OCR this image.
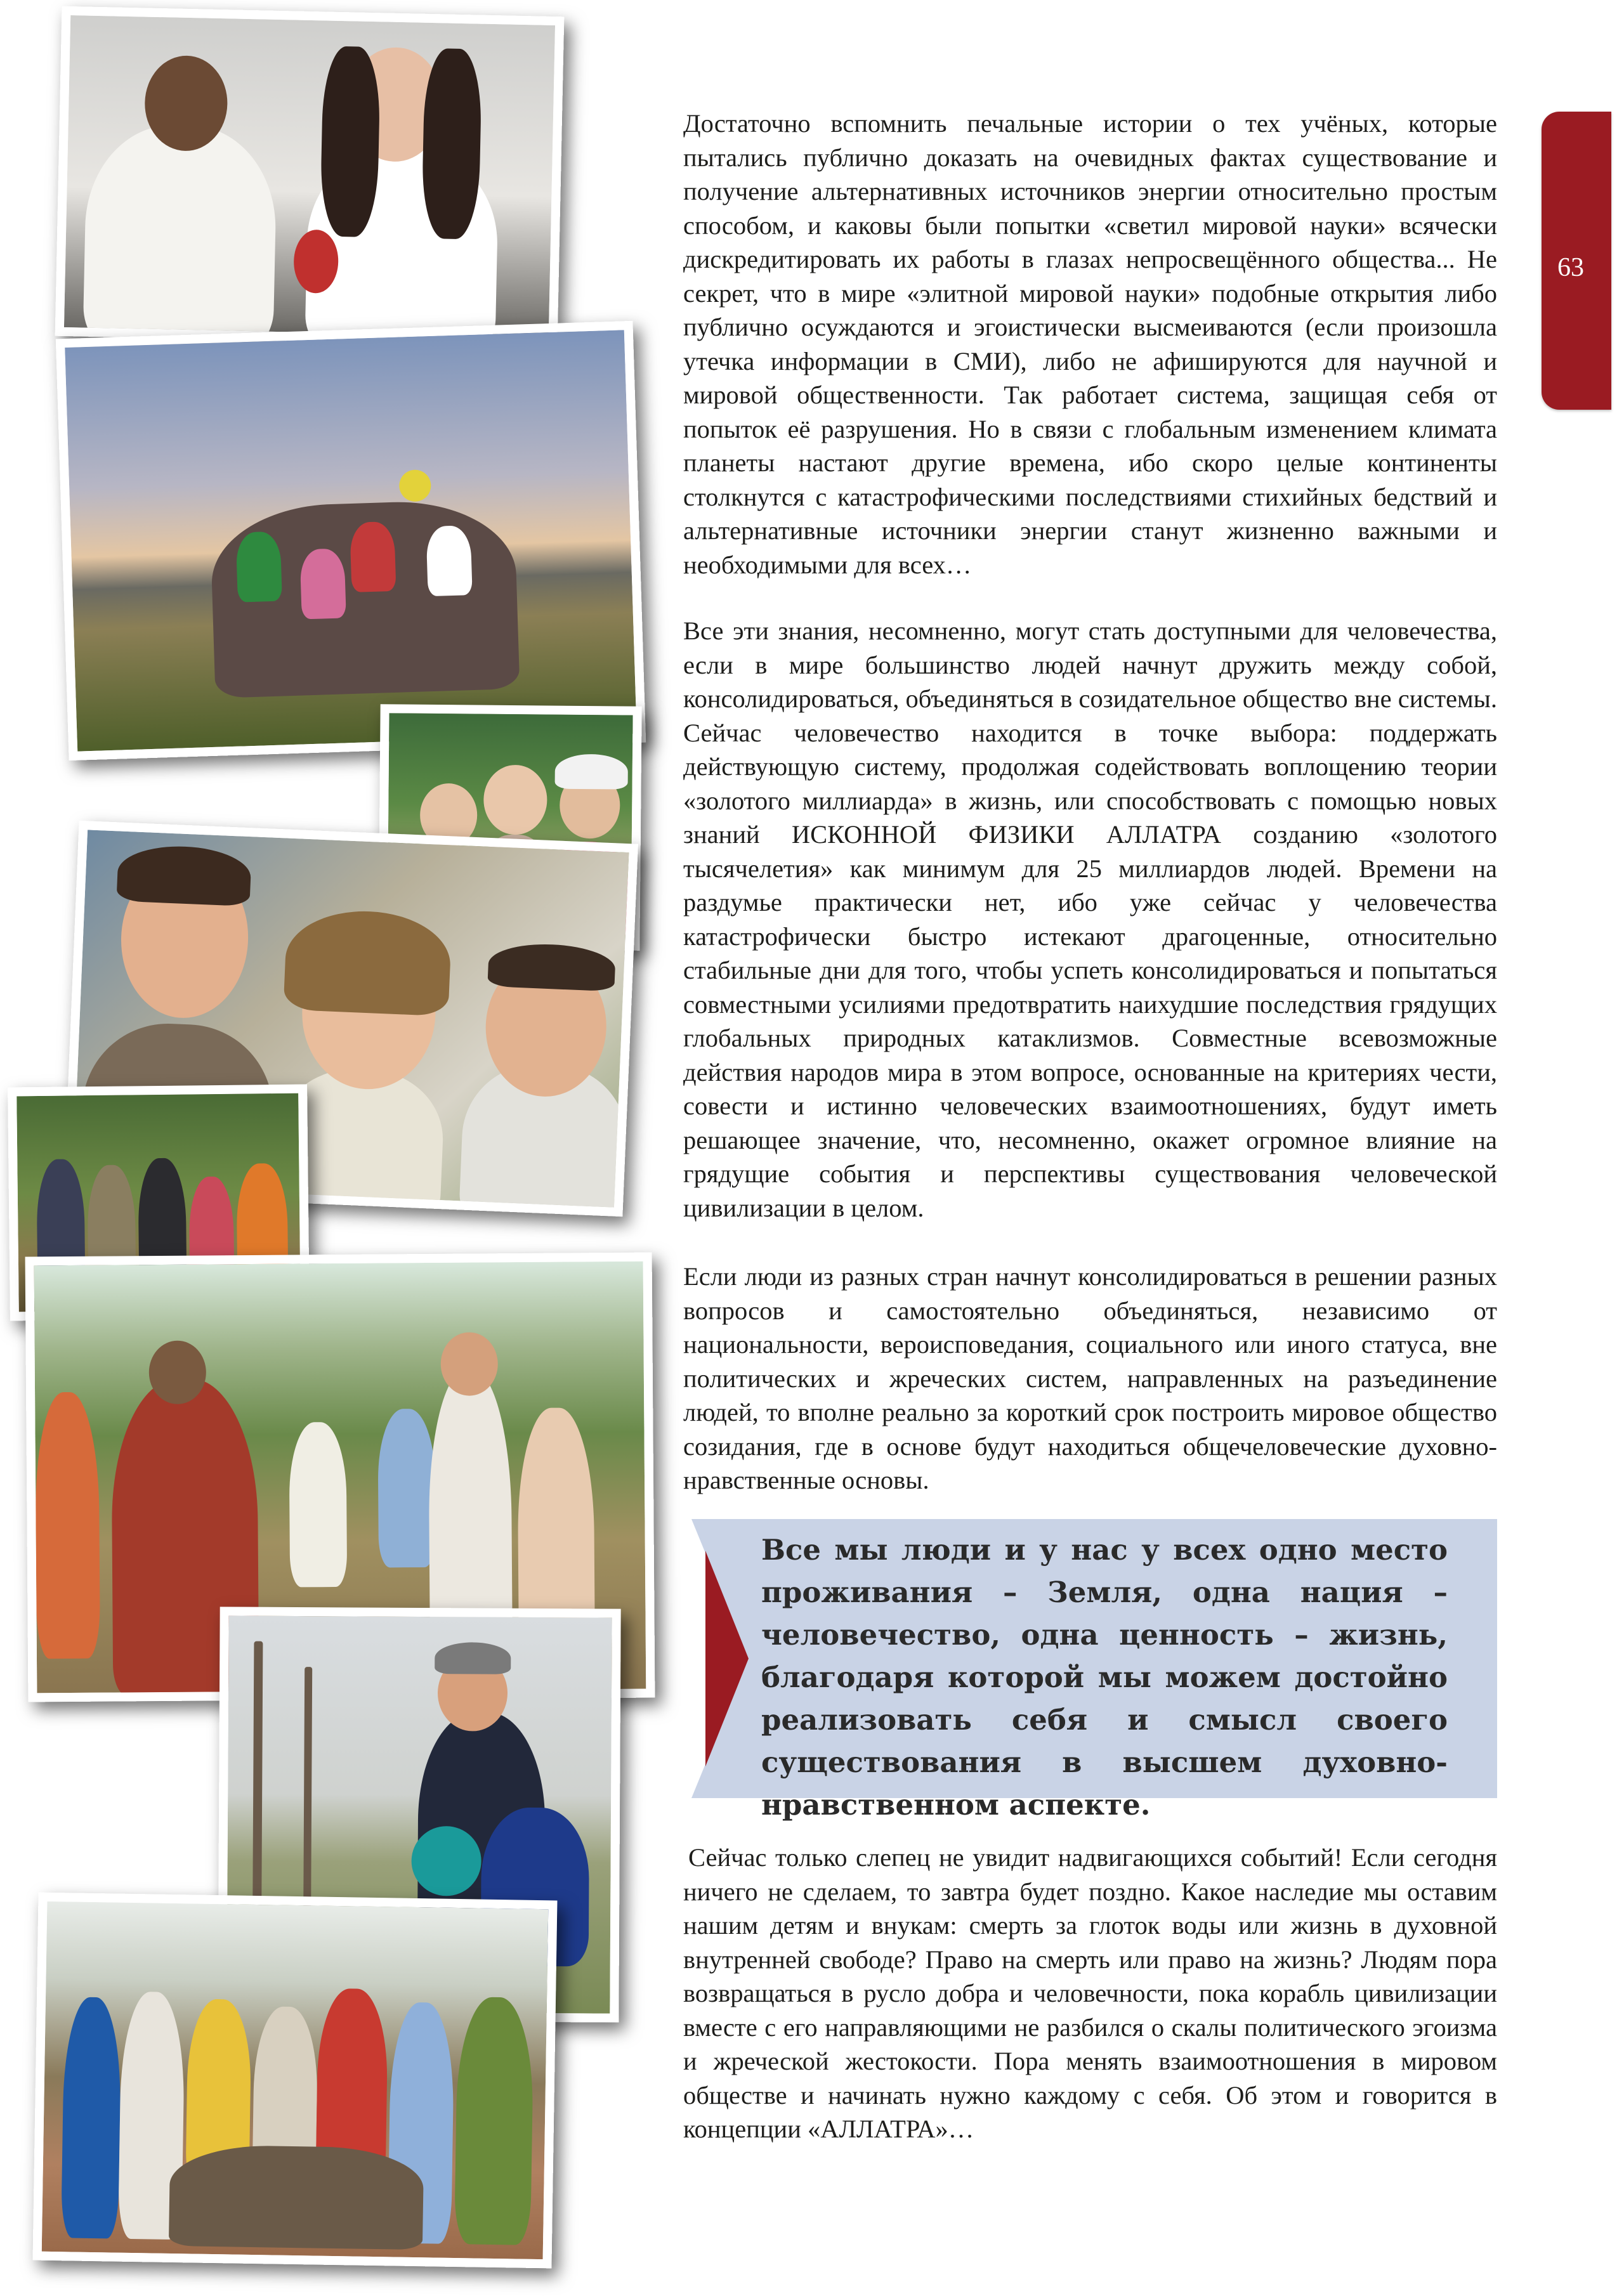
ALLATRA SCIENCE
63

Достаточно вспомнить печальные истории о тех учёных, которые пытались публично доказать на очевидных фактах существование и получение альтернативных источников энергии относительно простым способом, и каковы были попытки «светил мировой науки» всячески дискредитировать их работы в глазах непросвещённого общества... Не секрет, что в мире «элитной мировой науки» подобные открытия либо публично осуждаются и эгоистически высмеиваются (если произошла утечка информации в СМИ), либо не афишируются для научной и мировой общественности. Так работает система, защищая себя от попыток её разрушения. Но в связи с глобальным изменением климата планеты настают другие времена, ибо скоро целые континенты столкнутся с катастрофическими последствиями стихийных бедствий и альтернативные источники энергии станут жизненно важными и необходимыми для всех…

Все эти знания, несомненно, могут стать доступными для человечества, если в мире большинство людей начнут дружить между собой, консолидироваться, объединяться в созидательное общество вне системы. Сейчас человечество находится в точке выбора: поддержать действующую систему, продолжая содействовать воплощению теории «золотого миллиарда» в жизнь, или способствовать с помощью новых знаний ИСКОННОЙ ФИЗИКИ АЛЛАТРА созданию «золотого тысячелетия» как минимум для 25 миллиардов людей. Времени на раздумье практически нет, ибо уже сейчас у человечества катастрофически быстро истекают драгоценные, относительно стабильные дни для того, чтобы успеть консолидироваться и попытаться совместными усилиями предотвратить наихудшие последствия грядущих глобальных природных катаклизмов. Совместные всевозможные действия народов мира в этом вопросе, основанные на критериях чести, совести и истинно человеческих взаимоотношениях, будут иметь решающее значение, что, несомненно, окажет огромное влияние на грядущие события и перспективы существования человеческой цивилизации в целом.

Если люди из разных стран начнут консолидироваться в решении разных вопросов и самостоятельно объединяться, независимо от национальности, вероисповедания, социального или иного статуса, вне политических и жреческих систем, направленных на разъединение людей, то вполне реально за короткий срок построить мировое общество созидания, где в основе будут находиться общечеловеческие духовно-нравственные основы.

Все мы люди и у нас у всех одно место проживания – Земля, одна нация – человечество, одна ценность – жизнь, благодаря которой мы можем достойно реализовать себя и смысл своего существования в высшем духовно-нравственном аспекте.

Сейчас только слепец не увидит надвигающихся событий! Если сегодня ничего не сделаем, то завтра будет поздно. Какое наследие мы оставим нашим детям и внукам: смерть за глоток воды или жизнь в духовной внутренней свободе? Право на смерть или право на жизнь? Людям пора возвращаться в русло добра и человечности, пока корабль цивилизации вместе с его направляющими не разбился о скалы политического эгоизма и жреческой жестокости. Пора менять взаимоотношения в мировом обществе и начинать нужно каждому с себя. Об этом и говорится в концепции «АЛЛАТРА»…
